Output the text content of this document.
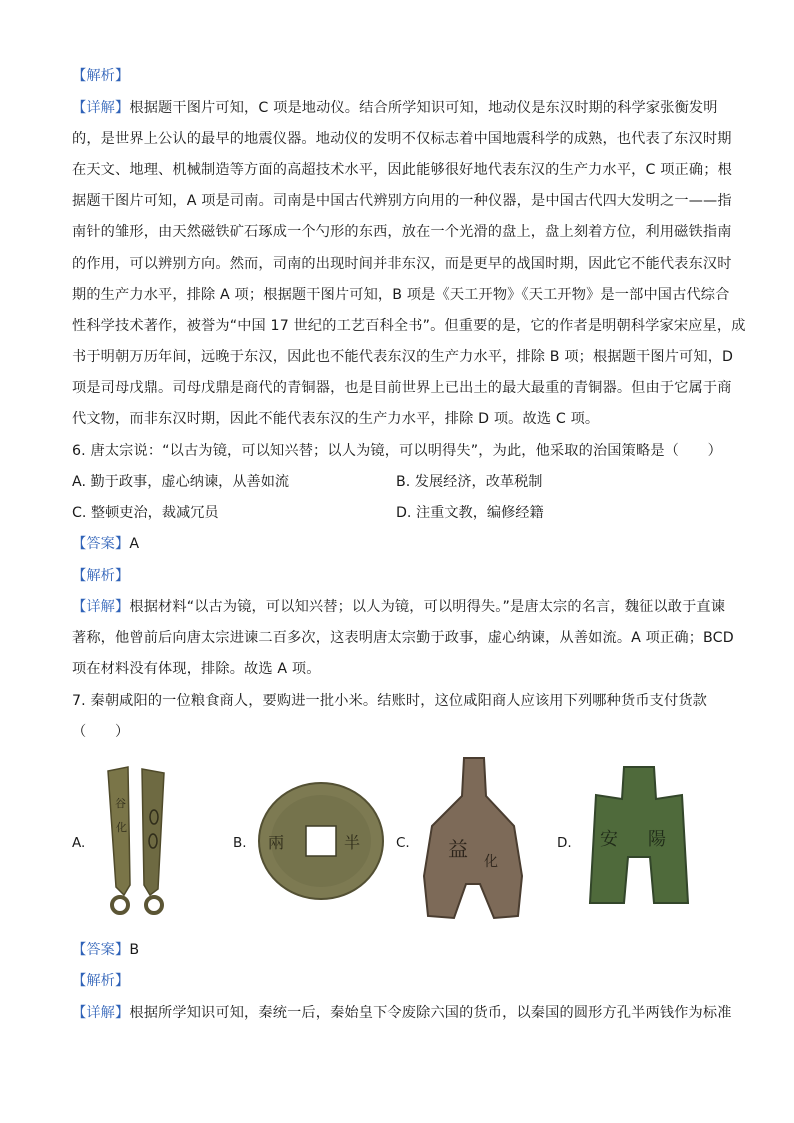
【解析】
【详解】根据题干图片可知，C 项是地动仪。结合所学知识可知，地动仪是东汉时期的科学家张衡发明
的，是世界上公认的最早的地震仪器。地动仪的发明不仅标志着中国地震科学的成熟，也代表了东汉时期
在天文、地理、机械制造等方面的高超技术水平，因此能够很好地代表东汉的生产力水平，C 项正确；根
据题干图片可知，A 项是司南。司南是中国古代辨别方向用的一种仪器，是中国古代四大发明之一——指
南针的雏形，由天然磁铁矿石琢成一个勺形的东西，放在一个光滑的盘上，盘上刻着方位，利用磁铁指南
的作用，可以辨别方向。然而，司南的出现时间并非东汉，而是更早的战国时期，因此它不能代表东汉时
期的生产力水平，排除 A 项；根据题干图片可知，B 项是《天工开物》《天工开物》是一部中国古代综合
性科学技术著作，被誉为“中国 17 世纪的工艺百科全书”。但重要的是，它的作者是明朝科学家宋应星，成
书于明朝万历年间，远晚于东汉，因此也不能代表东汉的生产力水平，排除 B 项；根据题干图片可知，D
项是司母戊鼎。司母戊鼎是商代的青铜器，也是目前世界上已出土的最大最重的青铜器。但由于它属于商
代文物，而非东汉时期，因此不能代表东汉的生产力水平，排除 D 项。故选 C 项。
6. 唐太宗说：“以古为镜，可以知兴替；以人为镜，可以明得失”，为此，他采取的治国策略是（　　）
A. 勤于政事，虚心纳谏，从善如流	B. 发展经济，改革税制
C. 整顿吏治，裁减冗员	D. 注重文教，编修经籍
【答案】A
【解析】
【详解】根据材料“以古为镜，可以知兴替；以人为镜，可以明得失。”是唐太宗的名言，魏征以敢于直谏
著称，他曾前后向唐太宗进谏二百多次，这表明唐太宗勤于政事，虚心纳谏，从善如流。A 项正确；BCD
项在材料没有体现，排除。故选 A 项。
7. 秦朝咸阳的一位粮食商人，要购进一批小米。结账时，这位咸阳商人应该用下列哪种货币支付货款
（　　）
A.
谷
化
B. 兩	半	C. 益
化
D. 安 陽
【答案】B
【解析】
【详解】根据所学知识可知，秦统一后，秦始皇下令废除六国的货币，以秦国的圆形方孔半两钱作为标准
